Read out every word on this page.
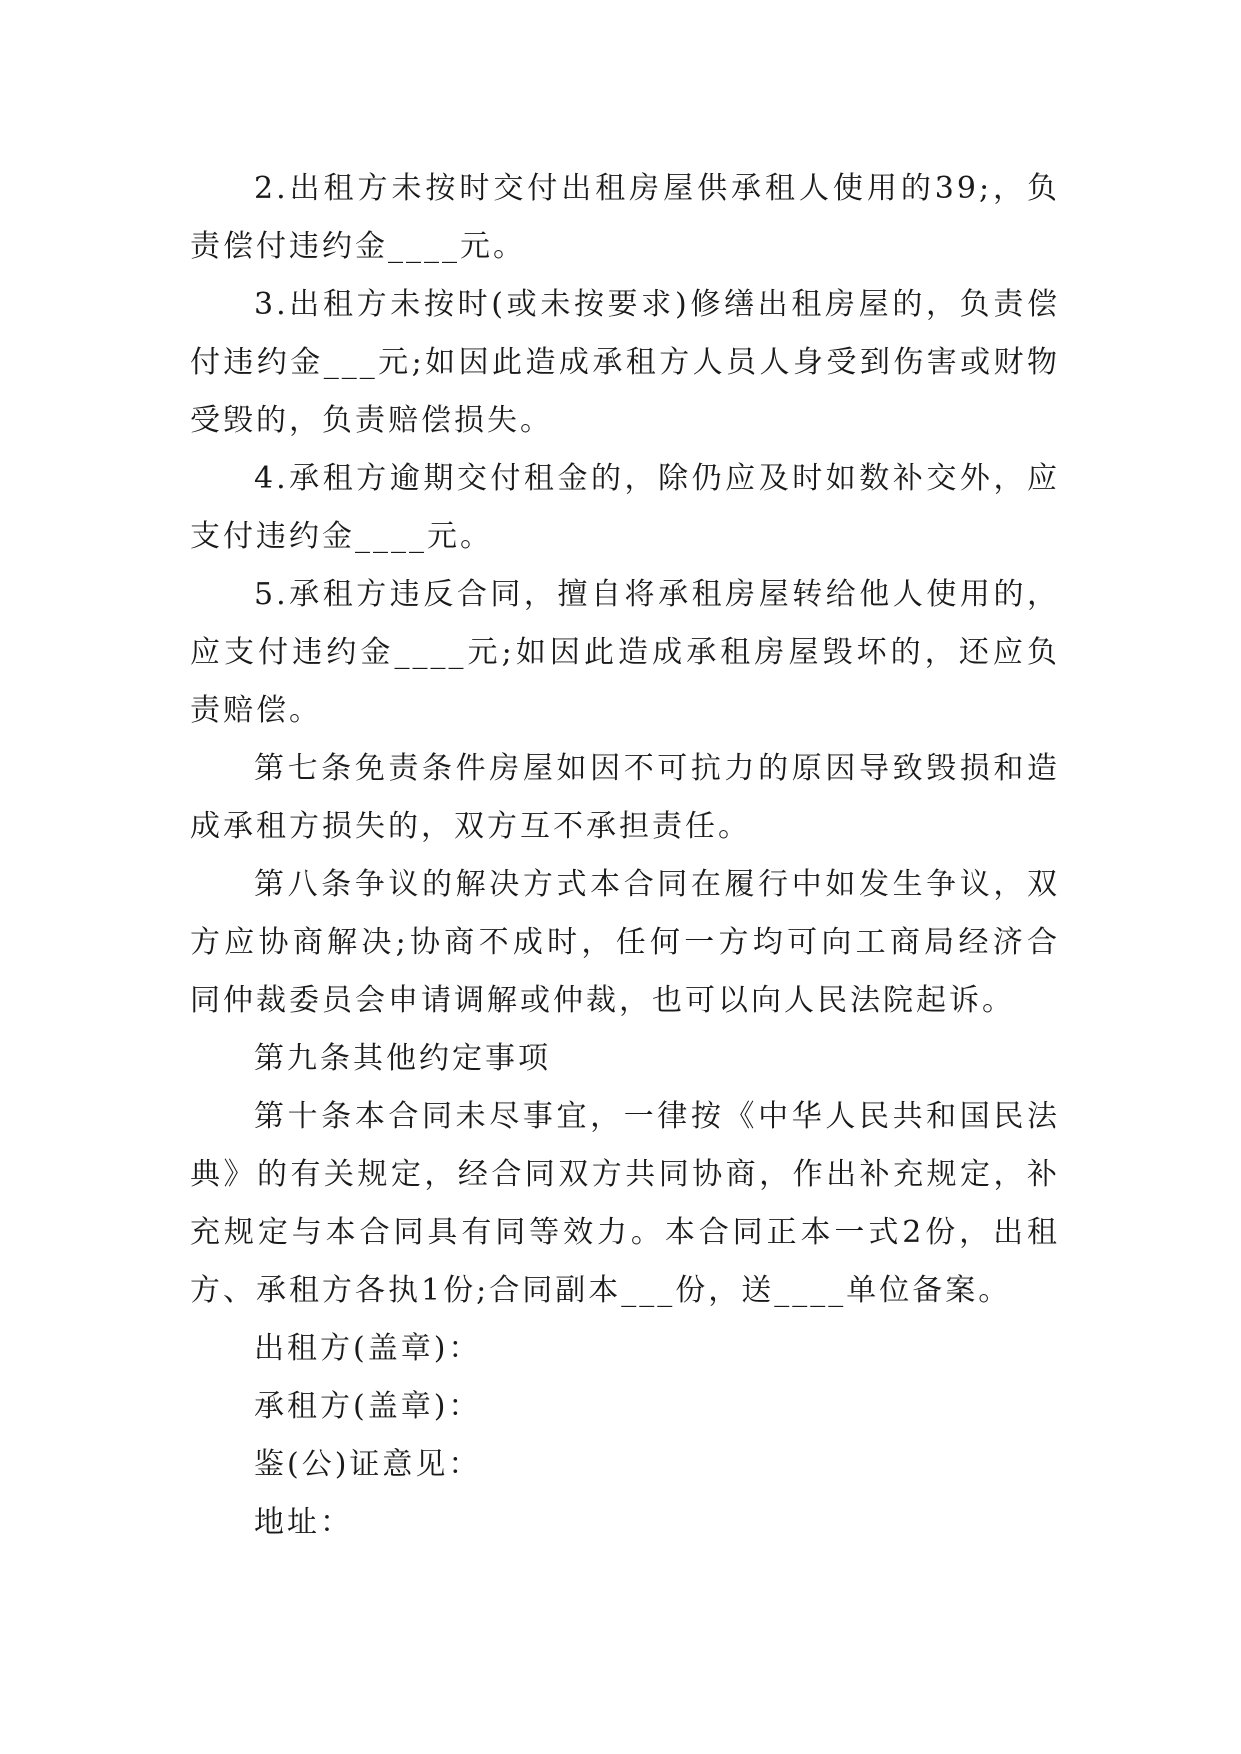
2.出租方未按时交付出租房屋供承租人使用的39;，负责偿付违约金____元。

3.出租方未按时(或未按要求)修缮出租房屋的，负责偿付违约金___元;如因此造成承租方人员人身受到伤害或财物受毁的，负责赔偿损失。

4.承租方逾期交付租金的，除仍应及时如数补交外，应支付违约金____元。

5.承租方违反合同，擅自将承租房屋转给他人使用的，应支付违约金____元;如因此造成承租房屋毁坏的，还应负责赔偿。

第七条免责条件房屋如因不可抗力的原因导致毁损和造成承租方损失的，双方互不承担责任。

第八条争议的解决方式本合同在履行中如发生争议，双方应协商解决;协商不成时，任何一方均可向工商局经济合同仲裁委员会申请调解或仲裁，也可以向人民法院起诉。

第九条其他约定事项

第十条本合同未尽事宜，一律按《中华人民共和国民法典》的有关规定，经合同双方共同协商，作出补充规定，补充规定与本合同具有同等效力。本合同正本一式2份，出租方、承租方各执1份;合同副本___份，送____单位备案。

出租方(盖章)：

承租方(盖章)：

鉴(公)证意见：

地址：
